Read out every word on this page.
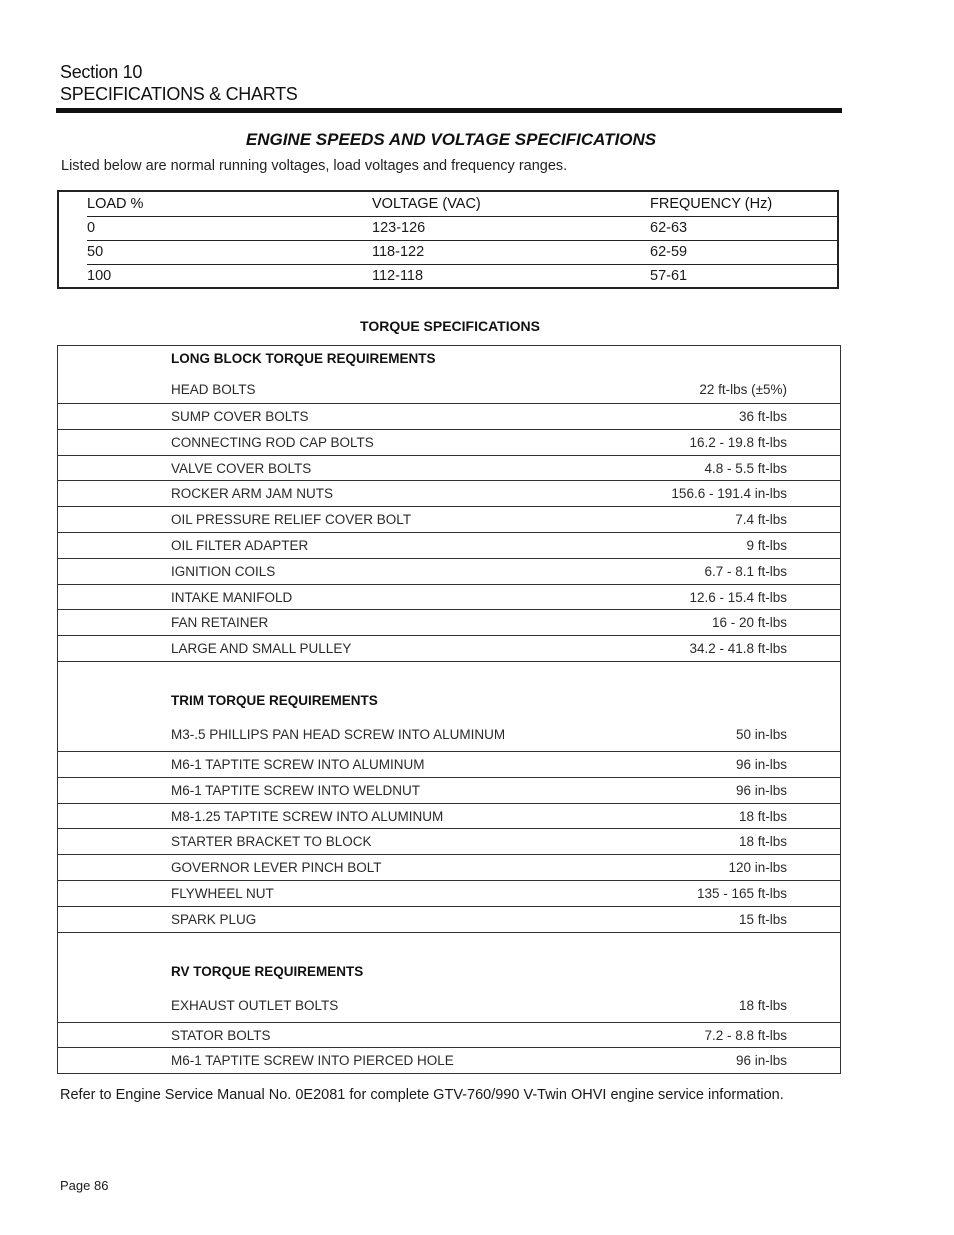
Section 10
SPECIFICATIONS & CHARTS
ENGINE SPEEDS AND VOLTAGE SPECIFICATIONS
Listed below are normal running voltages, load voltages and frequency ranges.
LOAD %	VOLTAGE (VAC)	FREQUENCY (Hz)
0	123-126	62-63
50	118-122	62-59
100	112-118	57-61
TORQUE SPECIFICATIONS
LONG BLOCK TORQUE REQUIREMENTS
HEAD BOLTS	22 ft-lbs (±5%)
SUMP COVER BOLTS	36 ft-lbs
CONNECTING ROD CAP BOLTS	16.2 - 19.8 ft-lbs
VALVE COVER BOLTS	4.8 - 5.5 ft-lbs
ROCKER ARM JAM NUTS	156.6 - 191.4 in-lbs
OIL PRESSURE RELIEF COVER BOLT	7.4 ft-lbs
OIL FILTER ADAPTER	9 ft-lbs
IGNITION COILS	6.7 - 8.1 ft-lbs
INTAKE MANIFOLD	12.6 - 15.4 ft-lbs
FAN RETAINER	16 - 20 ft-lbs
LARGE AND SMALL PULLEY	34.2 - 41.8 ft-lbs
TRIM TORQUE REQUIREMENTS
M3-.5 PHILLIPS PAN HEAD SCREW INTO ALUMINUM	50 in-lbs
M6-1 TAPTITE SCREW INTO ALUMINUM	96 in-lbs
M6-1 TAPTITE SCREW INTO WELDNUT	96 in-lbs
M8-1.25 TAPTITE SCREW INTO ALUMINUM	18 ft-lbs
STARTER BRACKET TO BLOCK	18 ft-lbs
GOVERNOR LEVER PINCH BOLT	120 in-lbs
FLYWHEEL NUT	135 - 165 ft-lbs
SPARK PLUG	15 ft-lbs
RV TORQUE REQUIREMENTS
EXHAUST OUTLET BOLTS	18 ft-lbs
STATOR BOLTS	7.2 - 8.8 ft-lbs
M6-1 TAPTITE SCREW INTO PIERCED HOLE	96 in-lbs
Refer to Engine Service Manual No. 0E2081 for complete GTV-760/990 V-Twin OHVI engine service information.
Page 86
